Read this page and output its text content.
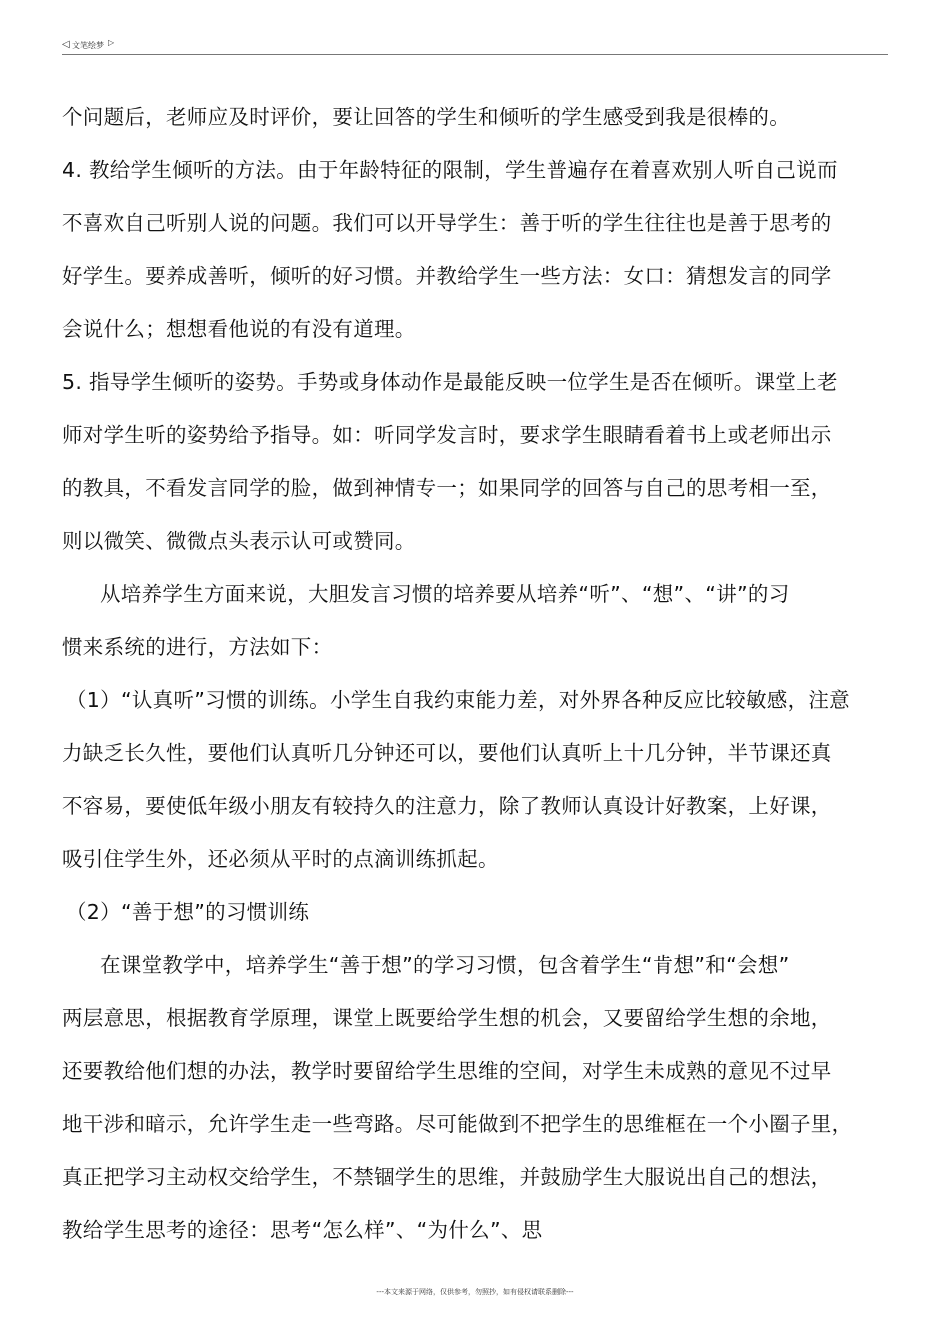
◁ 文笔绘梦 ▷
个问题后，老师应及时评价，要让回答的学生和倾听的学生感受到我是很棒的。
4. 教给学生倾听的方法。由于年龄特征的限制，学生普遍存在着喜欢别人听自己说而
不喜欢自己听别人说的问题。我们可以开导学生：善于听的学生往往也是善于思考的
好学生。要养成善听，倾听的好习惯。并教给学生一些方法：女口：猜想发言的同学
会说什么；想想看他说的有没有道理。
5. 指导学生倾听的姿势。手势或身体动作是最能反映一位学生是否在倾听。课堂上老
师对学生听的姿势给予指导。如：听同学发言时，要求学生眼睛看着书上或老师出示
的教具，不看发言同学的脸，做到神情专一；如果同学的回答与自己的思考相一至，
则以微笑、微微点头表示认可或赞同。
从培养学生方面来说，大胆发言习惯的培养要从培养“听”、“想”、“讲”的习
惯来系统的进行，方法如下：
（1）“认真听”习惯的训练。小学生自我约束能力差，对外界各种反应比较敏感，注意
力缺乏长久性，要他们认真听几分钟还可以，要他们认真听上十几分钟，半节课还真
不容易，要使低年级小朋友有较持久的注意力，除了教师认真设计好教案，上好课，
吸引住学生外，还必须从平时的点滴训练抓起。
（2）“善于想”的习惯训练
在课堂教学中，培养学生“善于想”的学习习惯，包含着学生“肯想”和“会想”
两层意思，根据教育学原理，课堂上既要给学生想的机会，又要留给学生想的余地，
还要教给他们想的办法，教学时要留给学生思维的空间，对学生未成熟的意见不过早
地干涉和暗示，允许学生走一些弯路。尽可能做到不把学生的思维框在一个小圈子里，
真正把学习主动权交给学生，不禁锢学生的思维，并鼓励学生大服说出自己的想法，
教给学生思考的途径：思考“怎么样”、“为什么”、思
---本文来源于网络，仅供参考，勿照抄，如有侵权请联系删除---
